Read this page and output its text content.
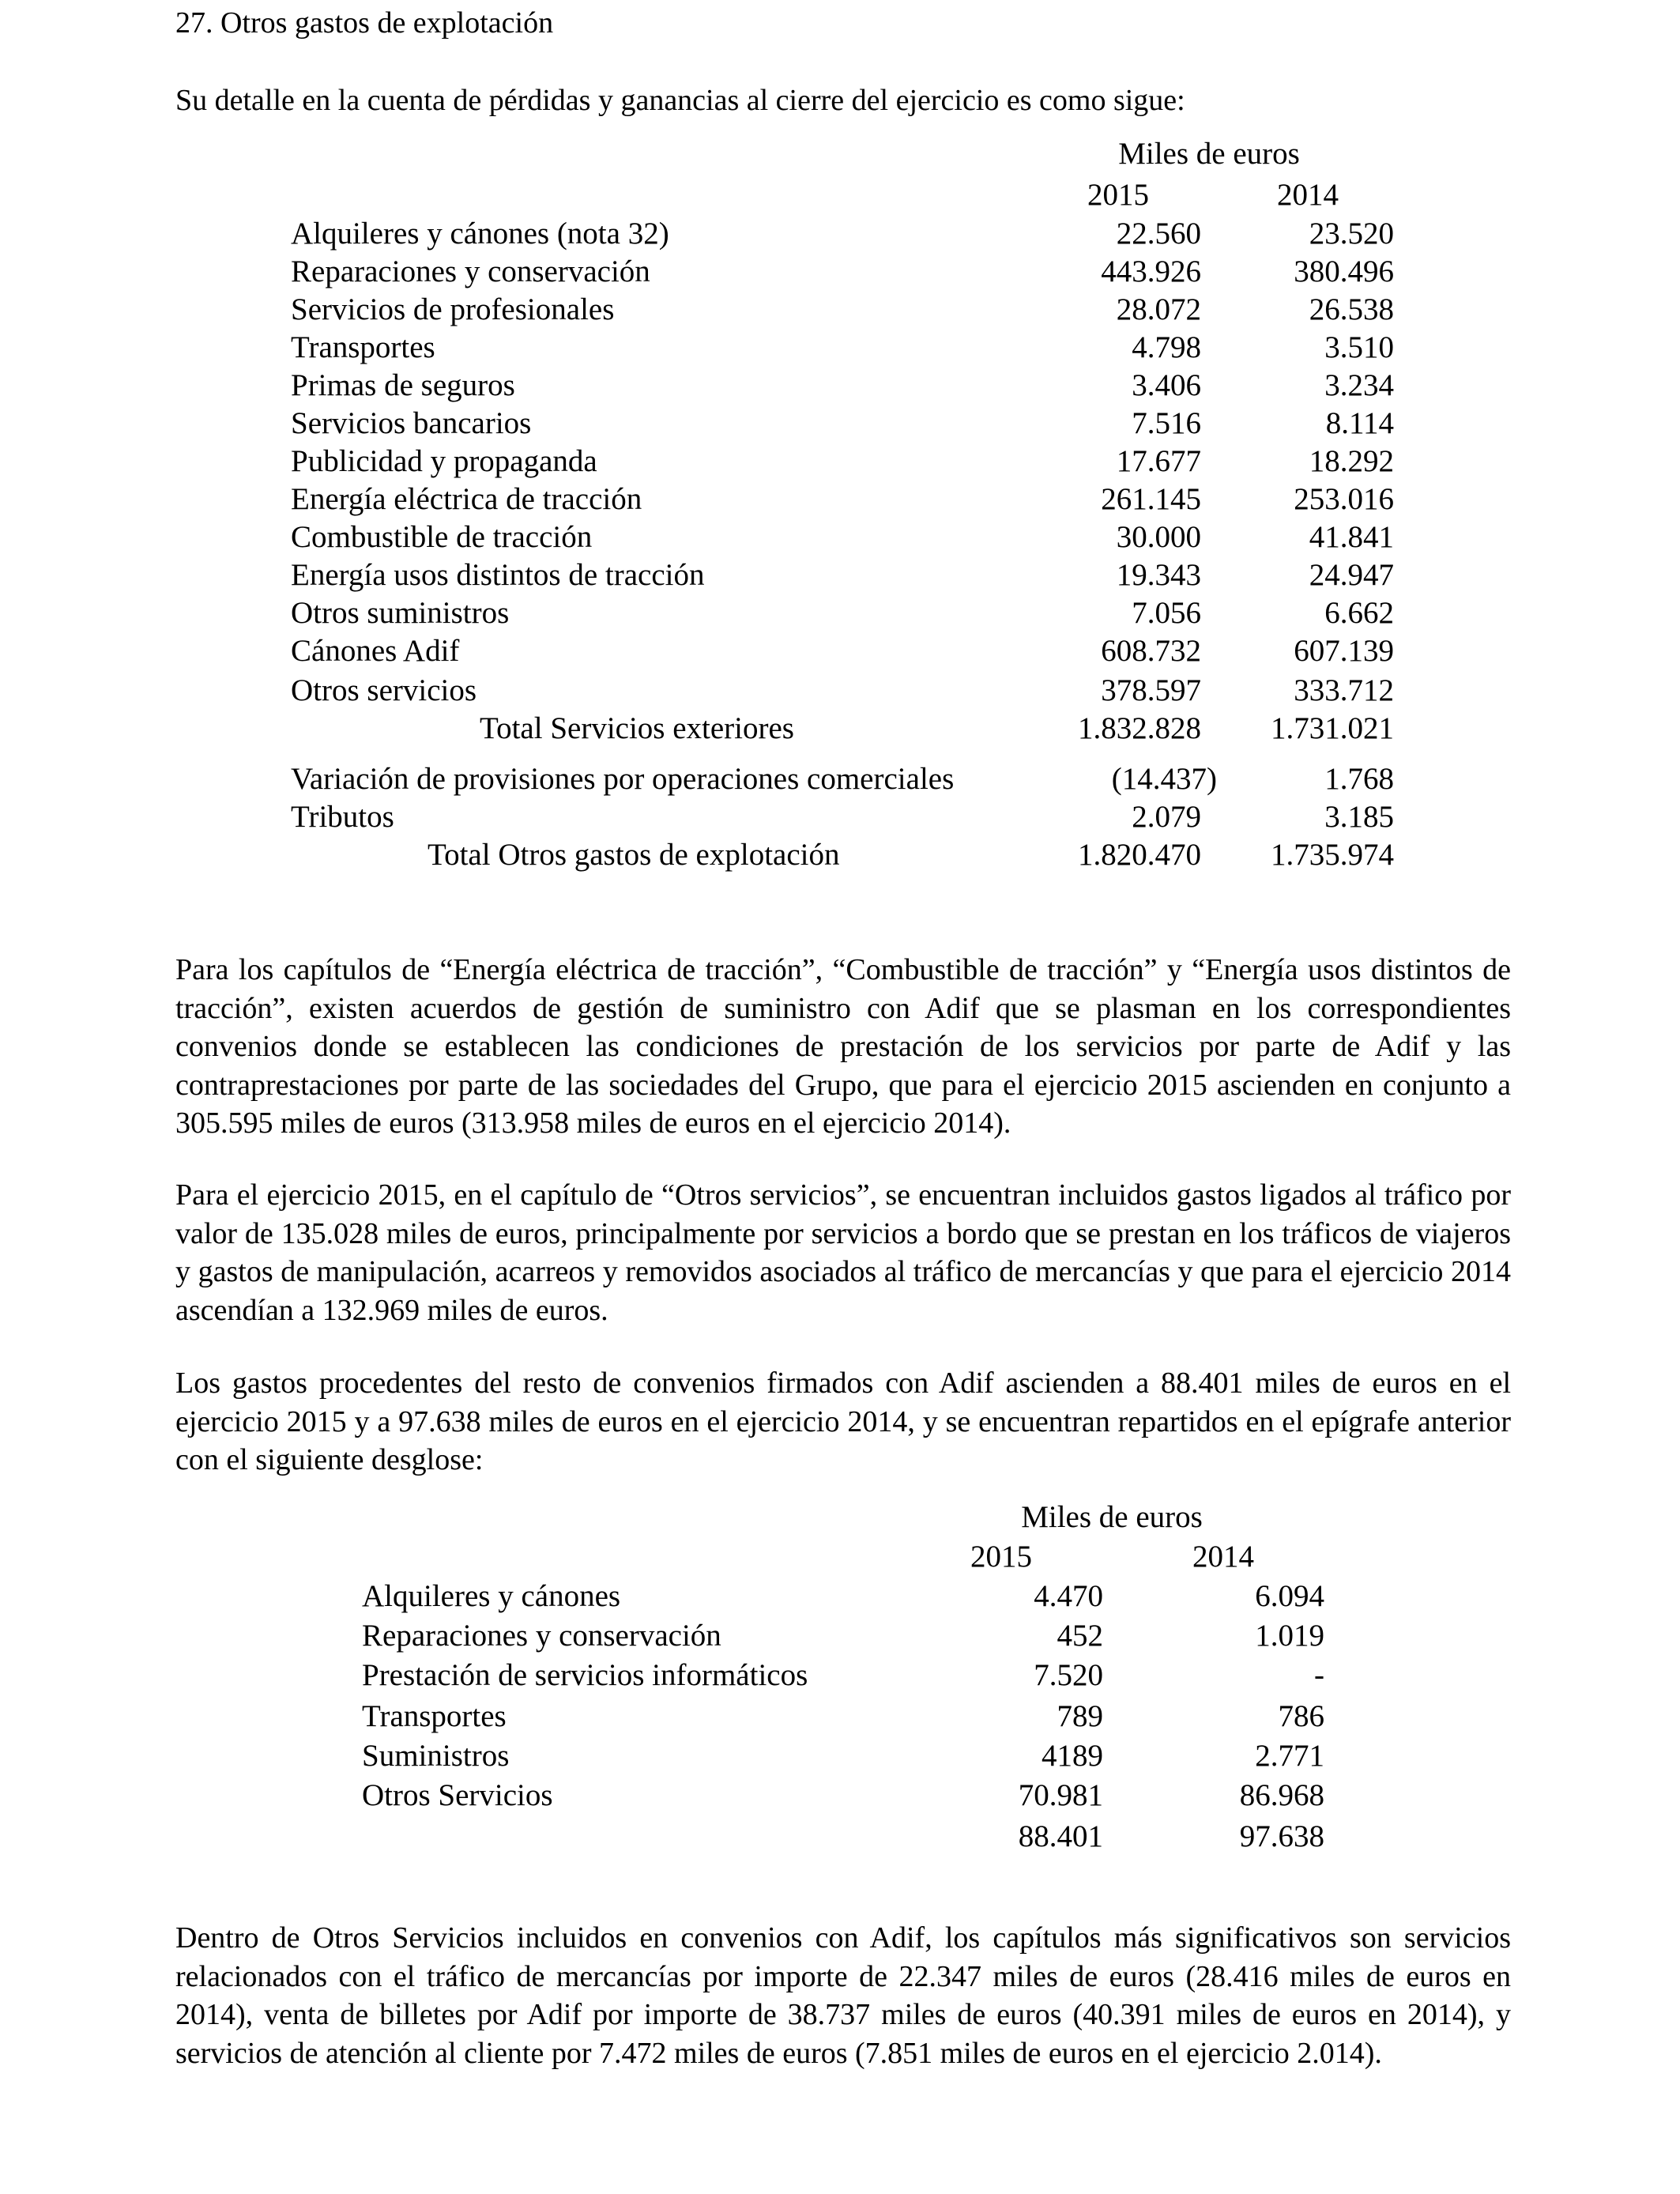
27. Otros gastos de explotación
Su detalle en la cuenta de pérdidas y ganancias al cierre del ejercicio es como sigue:
Miles de euros
2015	2014
Alquileres y cánones (nota 32)	22.560	23.520
Reparaciones y conservación	443.926	380.496
Servicios de profesionales	28.072	26.538
Transportes	4.798	3.510
Primas de seguros	3.406	3.234
Servicios bancarios	7.516	8.114
Publicidad y propaganda	17.677	18.292
Energía eléctrica de tracción	261.145	253.016
Combustible de tracción	30.000	41.841
Energía usos distintos de tracción	19.343	24.947
Otros suministros	7.056	6.662
Cánones Adif	608.732	607.139
Otros servicios	378.597	333.712
Total Servicios exteriores	1.832.828	1.731.021
Variación de provisiones por operaciones comerciales	(14.437)	1.768
Tributos	2.079	3.185
Total Otros gastos de explotación	1.820.470	1.735.974
Para los capítulos de “Energía eléctrica de tracción”, “Combustible de tracción” y “Energía usos distintos de tracción”, existen acuerdos de gestión de suministro con Adif que se plasman en los correspondientes convenios donde se establecen las condiciones de prestación de los servicios por parte de Adif y las contraprestaciones por parte de las sociedades del Grupo, que para el ejercicio 2015 ascienden en conjunto a 305.595 miles de euros (313.958 miles de euros en el ejercicio 2014).
Para el ejercicio 2015, en el capítulo de “Otros servicios”, se encuentran incluidos gastos ligados al tráfico por valor de 135.028 miles de euros, principalmente por servicios a bordo que se prestan en los tráficos de viajeros y gastos de manipulación, acarreos y removidos asociados al tráfico de mercancías y que para el ejercicio 2014 ascendían a 132.969 miles de euros.
Los gastos procedentes del resto de convenios firmados con Adif ascienden a 88.401 miles de euros en el ejercicio 2015 y a 97.638 miles de euros en el ejercicio 2014, y se encuentran repartidos en el epígrafe anterior con el siguiente desglose:
Miles de euros
2015	2014
Alquileres y cánones	4.470	6.094
Reparaciones y conservación	452	1.019
Prestación de servicios informáticos	7.520	-
Transportes	789	786
Suministros	4189	2.771
Otros Servicios	70.981	86.968
88.401	97.638
Dentro de Otros Servicios incluidos en convenios con Adif, los capítulos más significativos son servicios relacionados con el tráfico de mercancías por importe de 22.347 miles de euros (28.416 miles de euros en 2014), venta de billetes por Adif por importe de 38.737 miles de euros (40.391 miles de euros en 2014), y servicios de atención al cliente por 7.472 miles de euros (7.851 miles de euros en el ejercicio 2.014).
